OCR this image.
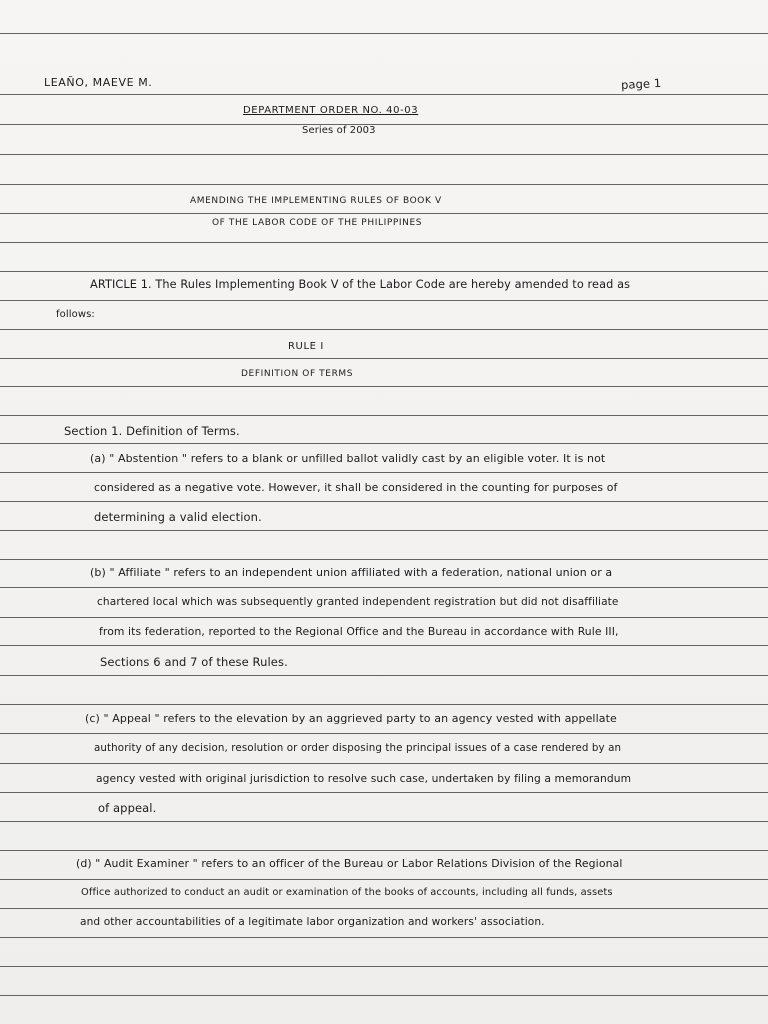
LEAÑO, MAEVE M.	page 1
DEPARTMENT ORDER NO. 40-03
Series of 2003
AMENDING THE IMPLEMENTING RULES OF BOOK V
OF THE LABOR CODE OF THE PHILIPPINES
ARTICLE 1. The Rules Implementing Book V of the Labor Code are hereby amended to read as
follows:
RULE I
DEFINITION OF TERMS
Section 1. Definition of Terms.
(a) " Abstention " refers to a blank or unfilled ballot validly cast by an eligible voter. It is not
considered as a negative vote. However, it shall be considered in the counting for purposes of
determining a valid election.
(b) " Affiliate " refers to an independent union affiliated with a federation, national union or a
chartered local which was subsequently granted independent registration but did not disaffiliate
from its federation, reported to the Regional Office and the Bureau in accordance with Rule III,
Sections 6 and 7 of these Rules.
(c) " Appeal " refers to the elevation by an aggrieved party to an agency vested with appellate
authority of any decision, resolution or order disposing the principal issues of a case rendered by an
agency vested with original jurisdiction to resolve such case, undertaken by filing a memorandum
of appeal.
(d) " Audit Examiner " refers to an officer of the Bureau or Labor Relations Division of the Regional
Office authorized to conduct an audit or examination of the books of accounts, including all funds, assets
and other accountabilities of a legitimate labor organization and workers' association.
